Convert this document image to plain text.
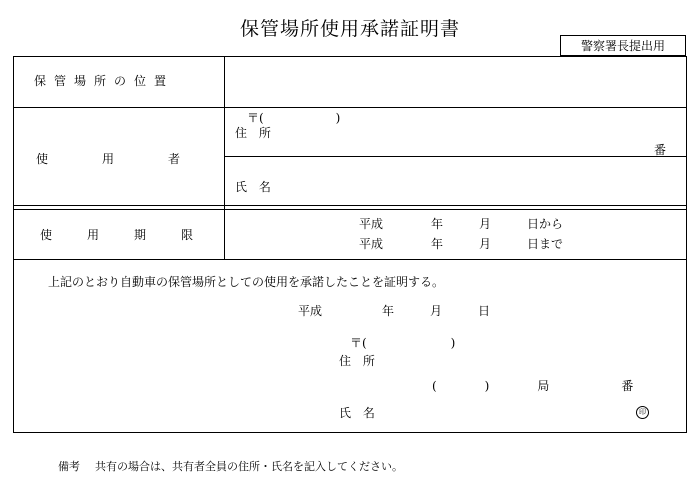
保管場所使用承諾証明書
警察署長提出用
保管場所の位置
使用者
〒(　　　　　　)
住 所
番
氏 名
使用期限
平成　　　　年　　　月　　　日から
平成　　　　年　　　月　　　日まで
上記のとおり自動車の保管場所としての使用を承諾したことを証明する。
平成　　　　　年　　　月　　　日
〒(　　　　　　　)
住 所
(　　　　)　　　　局　　　　　　番
氏 名	印
備考 共有の場合は、共有者全員の住所・氏名を記入してください。
